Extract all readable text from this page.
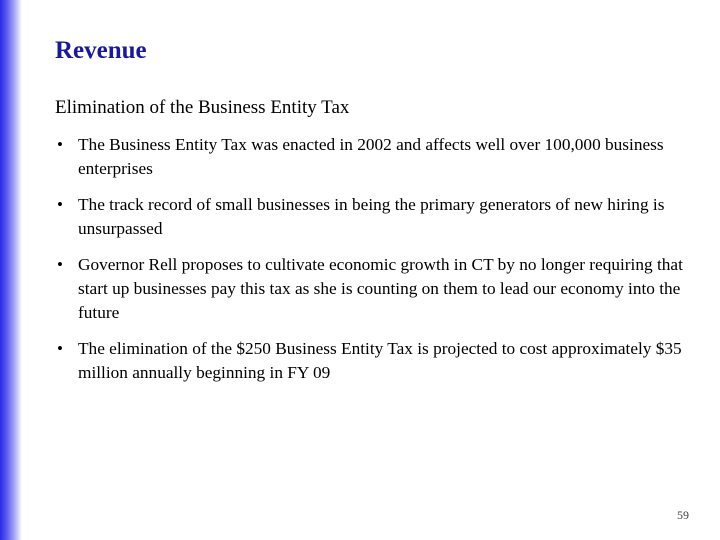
Revenue

Elimination of the Business Entity Tax

• The Business Entity Tax was enacted in 2002 and affects well over 100,000 business enterprises
• The track record of small businesses in being the primary generators of new hiring is unsurpassed
• Governor Rell proposes to cultivate economic growth in CT by no longer requiring that start up businesses pay this tax as she is counting on them to lead our economy into the future
• The elimination of the $250 Business Entity Tax is projected to cost approximately $35 million annually beginning in FY 09
59
